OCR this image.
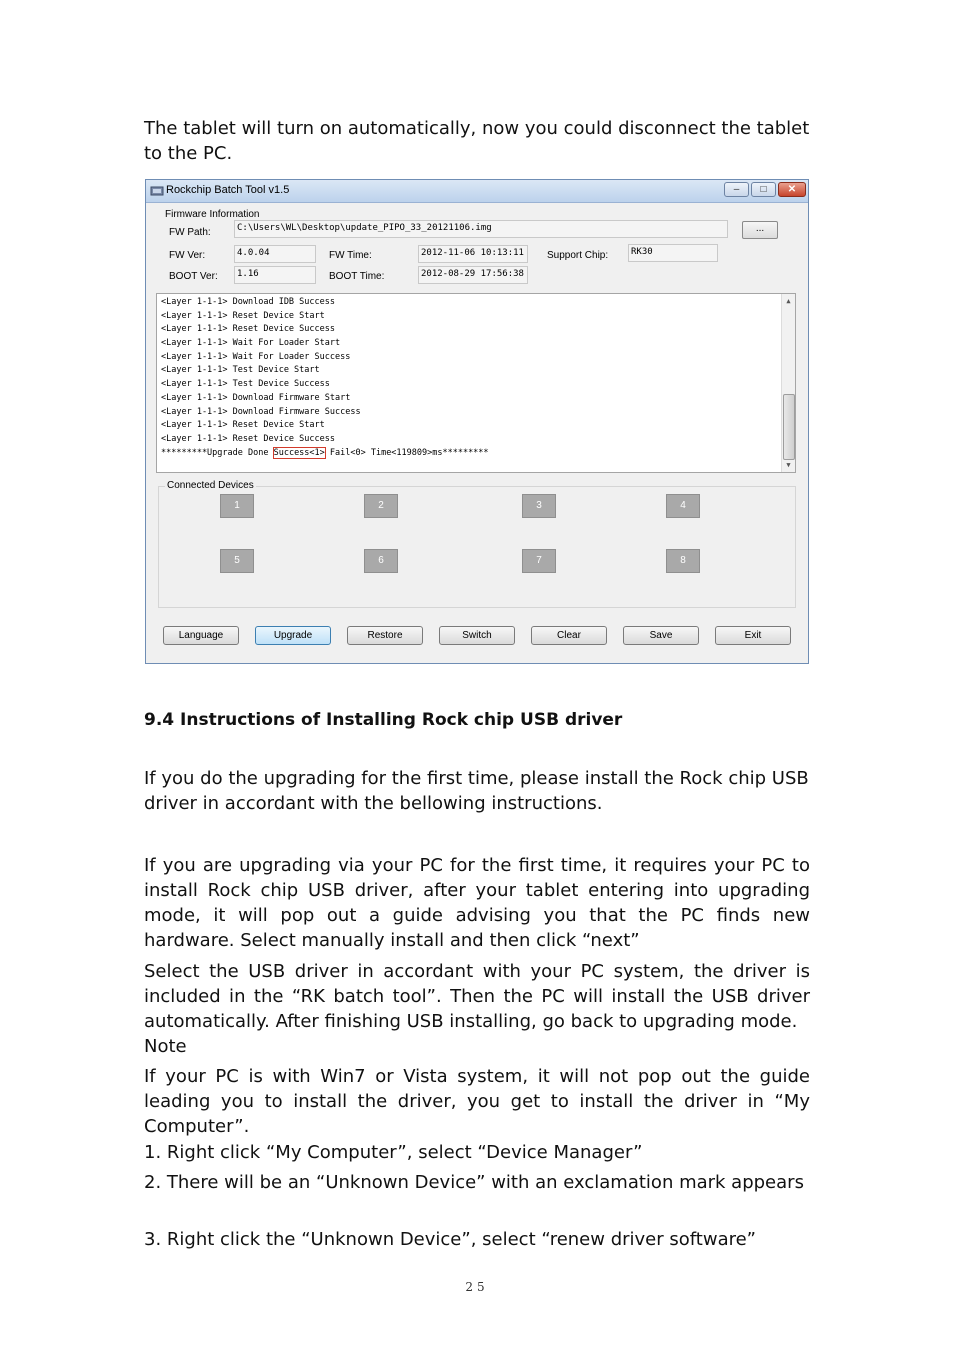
The tablet will turn on automatically, now you could disconnect the tablet to the PC.

Rockchip Batch Tool v1.5	–	□	✕
Firmware Information
FW Path:	C:\Users\WL\Desktop\update_PIPO_33_20121106.img	...
FW Ver:	4.0.04	FW Time:	2012-11-06 10:13:11	Support Chip:	RK30
BOOT Ver:	1.16	BOOT Time:	2012-08-29 17:56:38
<Layer 1-1-1> Download IDB Success
<Layer 1-1-1> Reset Device Start
<Layer 1-1-1> Reset Device Success
<Layer 1-1-1> Wait For Loader Start
<Layer 1-1-1> Wait For Loader Success
<Layer 1-1-1> Test Device Start
<Layer 1-1-1> Test Device Success
<Layer 1-1-1> Download Firmware Start
<Layer 1-1-1> Download Firmware Success
<Layer 1-1-1> Reset Device Start
<Layer 1-1-1> Reset Device Success
*********Upgrade Done Success<1> Fail<0> Time<119809>ms*********
▲
▼
Connected Devices
1	2	3	4
5	6	7	8
Language	Upgrade	Restore	Switch	Clear	Save	Exit
9.4 Instructions of Installing Rock chip USB driver

If you do the upgrading for the first time, please install the Rock chip USB driver in accordant with the bellowing instructions.

If you are upgrading via your PC for the first time, it requires your PC to install Rock chip USB driver, after your tablet entering into upgrading mode, it will pop out a guide advising you that the PC finds new hardware. Select manually install and then click “next”

Select the USB driver in accordant with your PC system, the driver is included in the “RK batch tool”. Then the PC will install the USB driver automatically. After finishing USB installing, go back to upgrading mode.

Note

If your PC is with Win7 or Vista system, it will not pop out the guide leading you to install the driver, you get to install the driver in “My Computer”.

1. Right click “My Computer”, select “Device Manager”

2. There will be an “Unknown Device” with an exclamation mark appears

3. Right click the “Unknown Device”, select “renew driver software”

25
